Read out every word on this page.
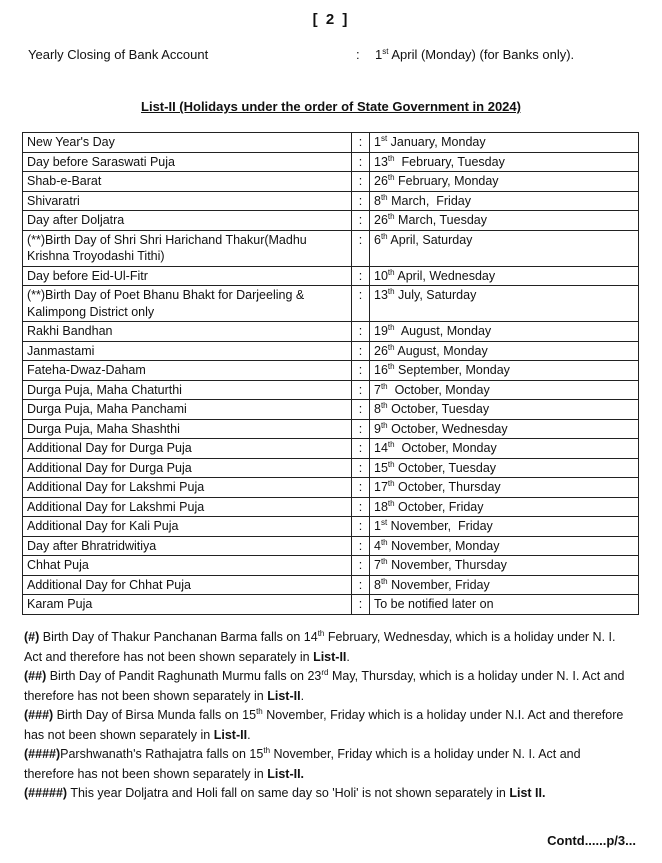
[ 2 ]
Yearly Closing of Bank Account	: 1st April (Monday) (for Banks only).
List-II (Holidays under the order of State Government in 2024)
New Year's Day	:	1st January, Monday
Day before Saraswati Puja	:	13th  February, Tuesday
Shab-e-Barat	:	26th February, Monday
Shivaratri	:	8th March,  Friday
Day after Doljatra	:	26th March, Tuesday
(**)Birth Day of Shri Shri Harichand Thakur(Madhu Krishna Troyodashi Tithi)	:	6th April, Saturday
Day before Eid-Ul-Fitr	:	10th April, Wednesday
(**)Birth Day of Poet Bhanu Bhakt for Darjeeling & Kalimpong District only	:	13th July, Saturday
Rakhi Bandhan	:	19th  August, Monday
Janmastami	:	26th August, Monday
Fateha-Dwaz-Daham	:	16th September, Monday
Durga Puja, Maha Chaturthi	:	7th  October, Monday
Durga Puja, Maha Panchami	:	8th October, Tuesday
Durga Puja, Maha Shashthi	:	9th October, Wednesday
Additional Day for Durga Puja	:	14th  October, Monday
Additional Day for Durga Puja	:	15th October, Tuesday
Additional Day for Lakshmi Puja	:	17th October, Thursday
Additional Day for Lakshmi Puja	:	18th October, Friday
Additional Day for Kali Puja	:	1st November,  Friday
Day after Bhratridwitiya	:	4th November, Monday
Chhat Puja	:	7th November, Thursday
Additional Day for Chhat Puja	:	8th November, Friday
Karam Puja	:	To be notified later on

(#) Birth Day of Thakur Panchanan Barma falls on 14th February, Wednesday, which is a holiday under N. I. Act and therefore has not been shown separately in List-II.

(##) Birth Day of Pandit Raghunath Murmu falls on 23rd May, Thursday, which is a holiday under N. I. Act and therefore has not been shown separately in List-II.

(###) Birth Day of Birsa Munda falls on 15th November, Friday which is a holiday under N.I. Act and therefore has not been shown separately in List-II.

(####)Parshwanath's Rathajatra falls on 15th November, Friday which is a holiday under N. I. Act and therefore has not been shown separately in List-II.

(#####) This year Doljatra and Holi fall on same day so 'Holi' is not shown separately in List II.

Contd......p/3...
